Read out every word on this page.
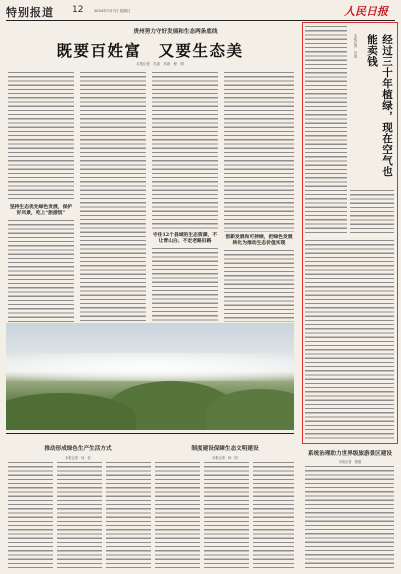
特别报道 12	2024年7月7日 星期日	人民日报
贵州努力守好发展和生态两条底线
既要百姓富　又要生态美
本报记者　苏滨　刘涛　程　刚
坚持生态优先绿色发展，保护好风景，吃上“旅游饭”
守住12个县域的生态资源，不让青山白、不走老路旧路
创新发展和可持续，把绿色发展转化为推动生态价值实现
推动形成绿色生产生活方式
本报记者　何　佳
制度建设保障生态文明建设
本报记者　杨　阳
经过三十年植绿，现在空气也能卖钱
本报记者　苏滨
系统治理助力世界级旅游景区建设
本报记者　程刚
